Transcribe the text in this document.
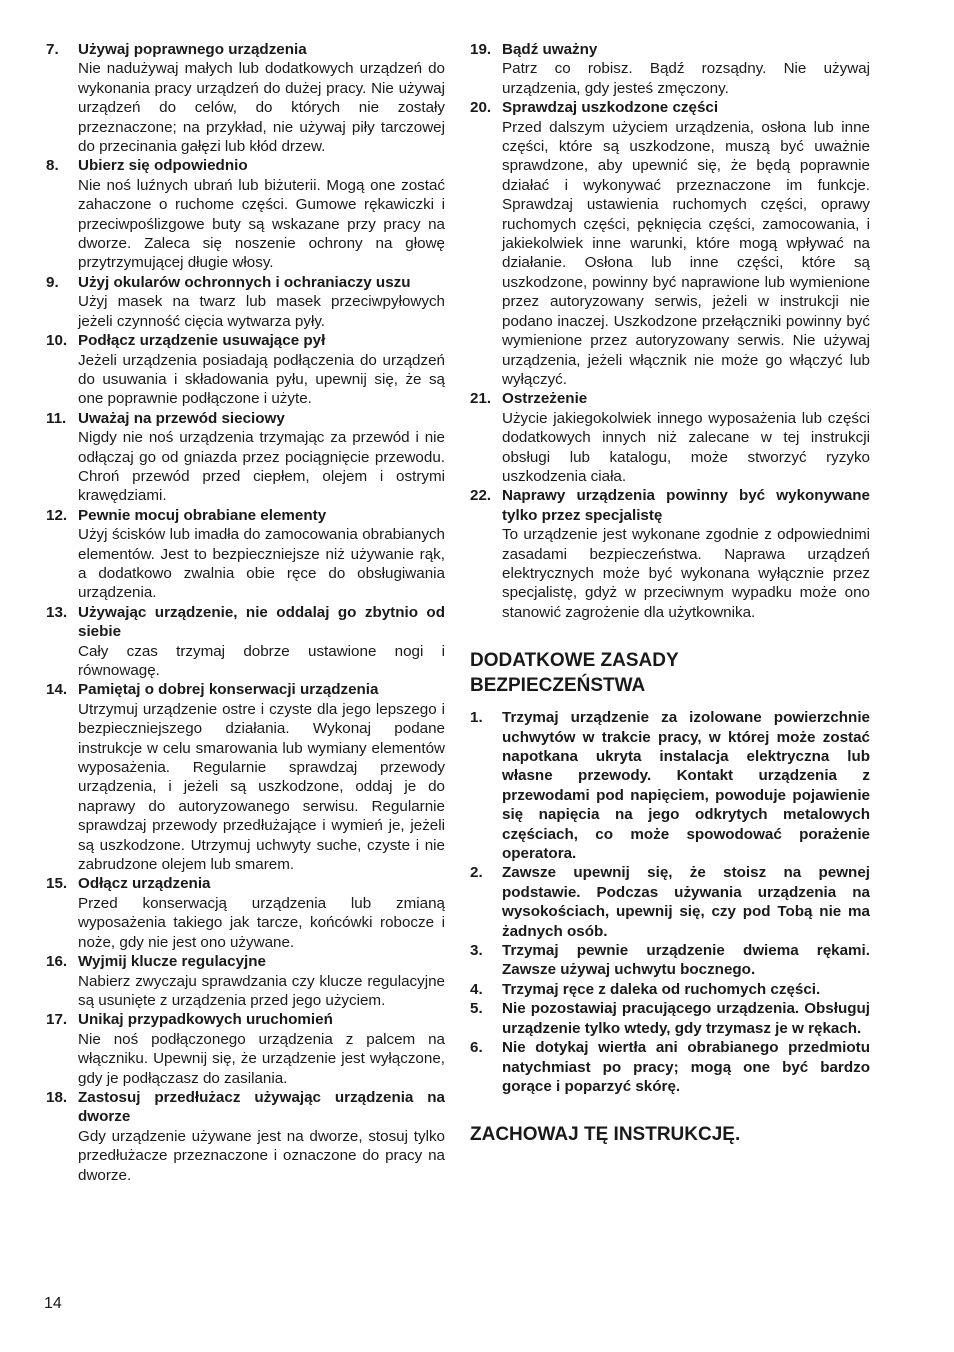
7. Używaj poprawnego urządzenia
Nie nadużywaj małych lub dodatkowych urządzeń do wykonania pracy urządzeń do dużej pracy. Nie używaj urządzeń do celów, do których nie zostały przeznaczone; na przykład, nie używaj piły tarczowej do przecinania gałęzi lub kłód drzew.
8. Ubierz się odpowiednio
Nie noś luźnych ubrań lub biżuterii. Mogą one zostać zahaczone o ruchome części. Gumowe rękawiczki i przeciwpoślizgowe buty są wskazane przy pracy na dworze. Zaleca się noszenie ochrony na głowę przytrzymującej długie włosy.
9. Użyj okularów ochronnych i ochraniaczy uszu
Użyj masek na twarz lub masek przeciwpyłowych jeżeli czynność cięcia wytwarza pyły.
10. Podłącz urządzenie usuwające pył
Jeżeli urządzenia posiadają podłączenia do urządzeń do usuwania i składowania pyłu, upewnij się, że są one poprawnie podłączone i użyte.
11. Uważaj na przewód sieciowy
Nigdy nie noś urządzenia trzymając za przewód i nie odłączaj go od gniazda przez pociągnięcie przewodu. Chroń przewód przed ciepłem, olejem i ostrymi krawędziami.
12. Pewnie mocuj obrabiane elementy
Użyj ścisków lub imadła do zamocowania obrabianych elementów. Jest to bezpieczniejsze niż używanie rąk, a dodatkowo zwalnia obie ręce do obsługiwania urządzenia.
13. Używając urządzenie, nie oddalaj go zbytnio od siebie
Cały czas trzymaj dobrze ustawione nogi i równowagę.
14. Pamiętaj o dobrej konserwacji urządzenia
Utrzymuj urządzenie ostre i czyste dla jego lepszego i bezpieczniejszego działania. Wykonaj podane instrukcje w celu smarowania lub wymiany elementów wyposażenia. Regularnie sprawdzaj przewody urządzenia, i jeżeli są uszkodzone, oddaj je do naprawy do autoryzowanego serwisu. Regularnie sprawdzaj przewody przedłużające i wymień je, jeżeli są uszkodzone. Utrzymuj uchwyty suche, czyste i nie zabrudzone olejem lub smarem.
15. Odłącz urządzenia
Przed konserwacją urządzenia lub zmianą wyposażenia takiego jak tarcze, końcówki robocze i noże, gdy nie jest ono używane.
16. Wyjmij klucze regulacyjne
Nabierz zwyczaju sprawdzania czy klucze regulacyjne są usunięte z urządzenia przed jego użyciem.
17. Unikaj przypadkowych uruchomień
Nie noś podłączonego urządzenia z palcem na włączniku. Upewnij się, że urządzenie jest wyłączone, gdy je podłączasz do zasilania.
18. Zastosuj przedłużacz używając urządzenia na dworze
Gdy urządzenie używane jest na dworze, stosuj tylko przedłużacze przeznaczone i oznaczone do pracy na dworze.
19. Bądź uważny
Patrz co robisz. Bądź rozsądny. Nie używaj urządzenia, gdy jesteś zmęczony.
20. Sprawdzaj uszkodzone części
Przed dalszym użyciem urządzenia, osłona lub inne części, które są uszkodzone, muszą być uważnie sprawdzone, aby upewnić się, że będą poprawnie działać i wykonywać przeznaczone im funkcje. Sprawdzaj ustawienia ruchomych części, oprawy ruchomych części, pęknięcia części, zamocowania, i jakiekolwiek inne warunki, które mogą wpływać na działanie. Osłona lub inne części, które są uszkodzone, powinny być naprawione lub wymienione przez autoryzowany serwis, jeżeli w instrukcji nie podano inaczej. Uszkodzone przełączniki powinny być wymienione przez autoryzowany serwis. Nie używaj urządzenia, jeżeli włącznik nie może go włączyć lub wyłączyć.
21. Ostrzeżenie
Użycie jakiegokolwiek innego wyposażenia lub części dodatkowych innych niż zalecane w tej instrukcji obsługi lub katalogu, może stworzyć ryzyko uszkodzenia ciała.
22. Naprawy urządzenia powinny być wykonywane tylko przez specjalistę
To urządzenie jest wykonane zgodnie z odpowiednimi zasadami bezpieczeństwa. Naprawa urządzeń elektrycznych może być wykonana wyłącznie przez specjalistę, gdyż w przeciwnym wypadku może ono stanowić zagrożenie dla użytkownika.
DODATKOWE ZASADY
BEZPIECZEŃSTWA
1. Trzymaj urządzenie za izolowane powierzchnie uchwytów w trakcie pracy, w której może zostać napotkana ukryta instalacja elektryczna lub własne przewody. Kontakt urządzenia z przewodami pod napięciem, powoduje pojawienie się napięcia na jego odkrytych metalowych częściach, co może spowodować porażenie operatora.
2. Zawsze upewnij się, że stoisz na pewnej podstawie. Podczas używania urządzenia na wysokościach, upewnij się, czy pod Tobą nie ma żadnych osób.
3. Trzymaj pewnie urządzenie dwiema rękami. Zawsze używaj uchwytu bocznego.
4. Trzymaj ręce z daleka od ruchomych części.
5. Nie pozostawiaj pracującego urządzenia. Obsługuj urządzenie tylko wtedy, gdy trzymasz je w rękach.
6. Nie dotykaj wiertła ani obrabianego przedmiotu natychmiast po pracy; mogą one być bardzo gorące i poparzyć skórę.
ZACHOWAJ TĘ INSTRUKCJĘ.
14
